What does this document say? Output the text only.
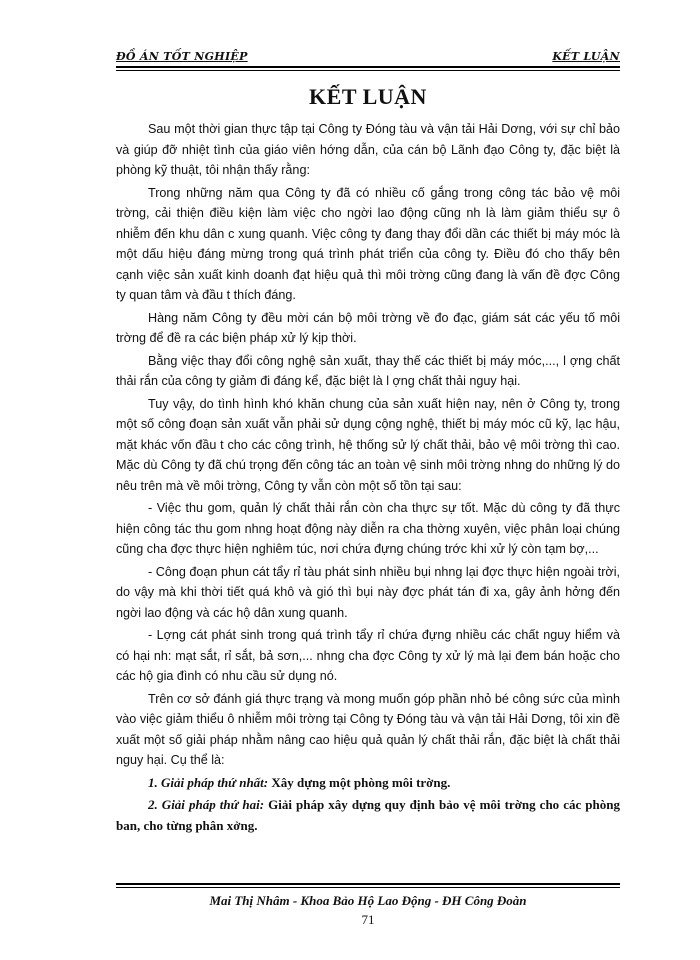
ĐỒ ÁN TỐT NGHIỆP	KẾT LUẬN
KẾT LUẬN

Sau một thời gian thực tập tại Công ty Đóng tàu và vận tải Hải Dơng, với sự chỉ bảo và giúp đỡ nhiệt tình của giáo viên hớng dẫn, của cán bộ Lãnh đạo Công ty, đặc biệt là phòng kỹ thuật, tôi nhận thấy rằng:

Trong những năm qua Công ty đã có nhiều cố gắng trong công tác bảo vệ môi trờng, cải thiện điều kiện làm việc cho ngời lao động cũng nh là làm giảm thiểu sự ô nhiễm đến khu dân c xung quanh. Việc công ty đang thay đổi dần các thiết bị máy móc là một dấu hiệu đáng mừng trong quá trình phát triển của công ty. Điều đó cho thấy bên cạnh việc sản xuất kinh doanh đạt hiệu quả thì môi trờng cũng đang là vấn đề đợc Công ty quan tâm và đầu t thích đáng.

Hàng năm Công ty đều mời cán bộ môi trờng về đo đạc, giám sát các yếu tố môi trờng để đề ra các biện pháp xử lý kịp thời.

Bằng việc thay đổi công nghệ sản xuất, thay thế các thiết bị máy móc,..., l ợng chất thải rắn của công ty giảm đi đáng kể, đặc biệt là l ợng chất thải nguy hại.

Tuy vậy, do tình hình khó khăn chung của sản xuất hiện nay, nên ở Công ty, trong một số công đoạn sản xuất vẫn phải sử dụng cộng nghệ, thiết bị máy móc cũ kỹ, lạc hậu, mặt khác vốn đầu t cho các công trình, hệ thống sử lý chất thải, bảo vệ môi trờng thì cao. Mặc dù Công ty đã chú trọng đến công tác an toàn vệ sinh môi trờng nhng do những lý do nêu trên mà về môi trờng, Công ty vẫn còn một số tồn tại sau:

- Việc thu gom, quản lý chất thải rắn còn cha thực sự tốt. Mặc dù công ty đã thực hiện công tác thu gom nhng hoạt động này diễn ra cha thờng xuyên, việc phân loại chúng cũng cha đợc thực hiện nghiêm túc, nơi chứa đựng chúng trớc khi xử lý còn tạm bợ,...

- Công đoạn phun cát tẩy rỉ tàu phát sinh nhiều bụi nhng lại đợc thực hiện ngoài trời, do vậy mà khi thời tiết quá khô và gió thì bụi này đợc phát tán đi xa, gây ảnh hởng đến ngời lao động và các hộ dân xung quanh.

- Lợng cát phát sinh trong quá trình tẩy rỉ chứa đựng nhiều các chất nguy hiểm và có hại nh: mạt sắt, rỉ sắt, bả sơn,... nhng cha đợc Công ty xử lý mà lại đem bán hoặc cho các hộ gia đình có nhu cầu sử dụng nó.

Trên cơ sở đánh giá thực trạng và mong muốn góp phần nhỏ bé công sức của mình vào việc giảm thiểu ô nhiễm môi trờng tại Công ty Đóng tàu và vận tải Hải Dơng, tôi xin đề xuất một số giải pháp nhằm nâng cao hiệu quả quản lý chất thải rắn, đặc biệt là chất thải nguy hại. Cụ thể là:

1. Giải pháp thứ nhất: Xây dựng một phòng môi trờng.

2. Giải pháp thứ hai: Giải pháp xây dựng quy định bảo vệ môi trờng cho các phòng ban, cho từng phân xởng.

Mai Thị Nhâm - Khoa Bảo Hộ Lao Động - ĐH Công Đoàn
71
